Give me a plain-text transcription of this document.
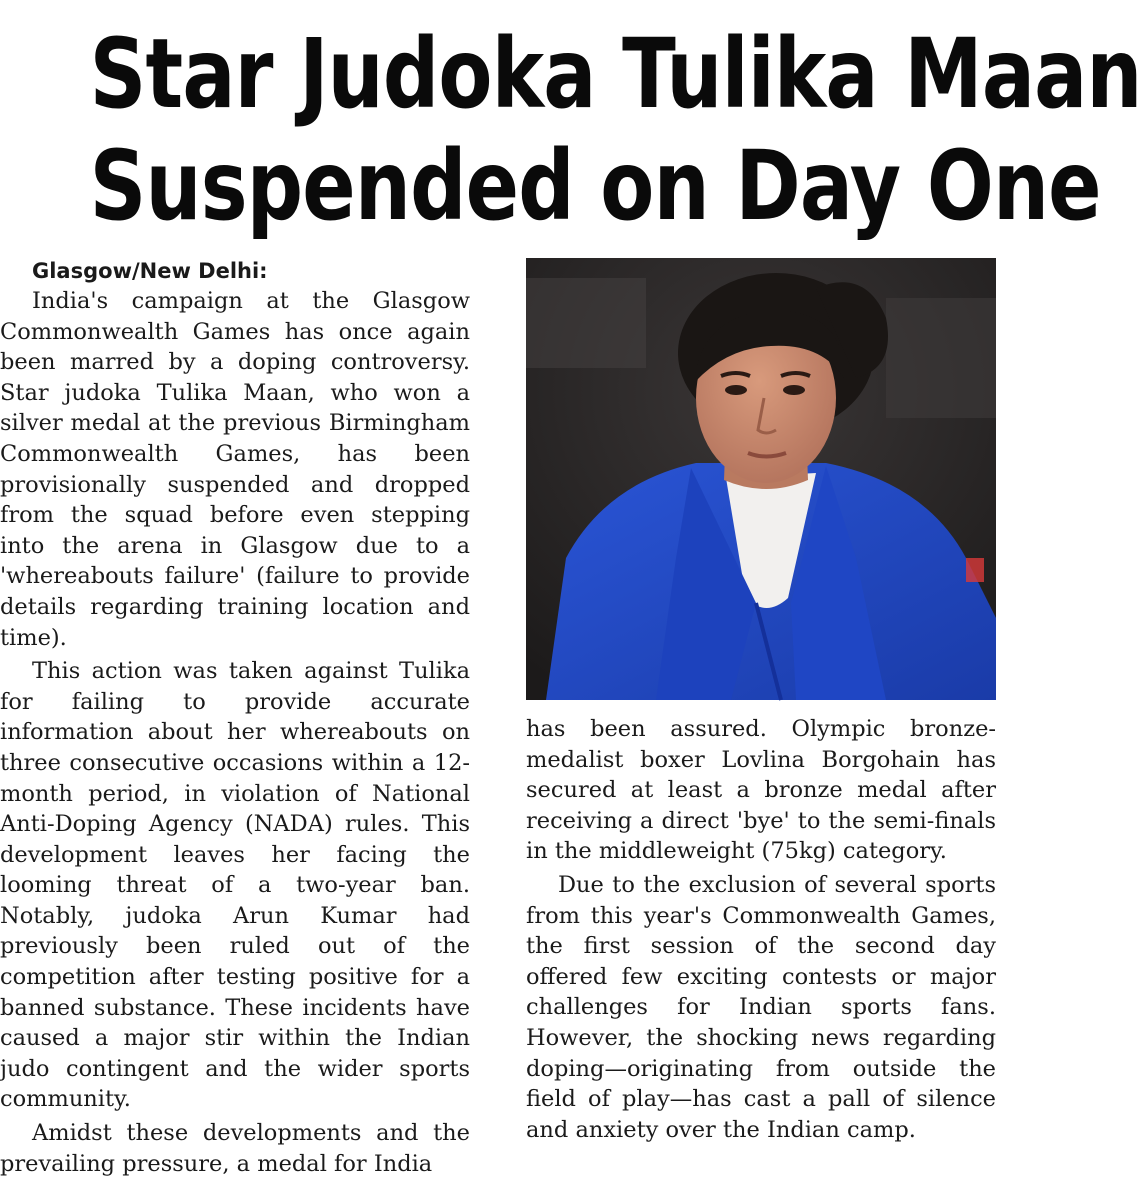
Star Judoka Tulika Maan
Suspended on Day One
Glasgow/New Delhi:

India's campaign at the Glasgow Commonwealth Games has once again been marred by a doping controversy. Star judoka Tulika Maan, who won a silver medal at the previous Birmingham Commonwealth Games, has been provisionally suspended and dropped from the squad before even stepping into the arena in Glasgow due to a 'whereabouts failure' (failure to provide details regarding training location and time).

This action was taken against Tulika for failing to provide accurate information about her whereabouts on three consecutive occasions within a 12-month period, in violation of National Anti-Doping Agency (NADA) rules. This development leaves her facing the looming threat of a two-year ban. Notably, judoka Arun Kumar had previously been ruled out of the competition after testing positive for a banned substance. These incidents have caused a major stir within the Indian judo contingent and the wider sports community.

Amidst these developments and the prevailing pressure, a medal for India

has been assured. Olympic bronze-medalist boxer Lovlina Borgohain has secured at least a bronze medal after receiving a direct 'bye' to the semi-finals in the middleweight (75kg) category.

Due to the exclusion of several sports from this year's Commonwealth Games, the first session of the second day offered few exciting contests or major challenges for Indian sports fans. However, the shocking news regarding doping—originating from outside the field of play—has cast a pall of silence and anxiety over the Indian camp.
